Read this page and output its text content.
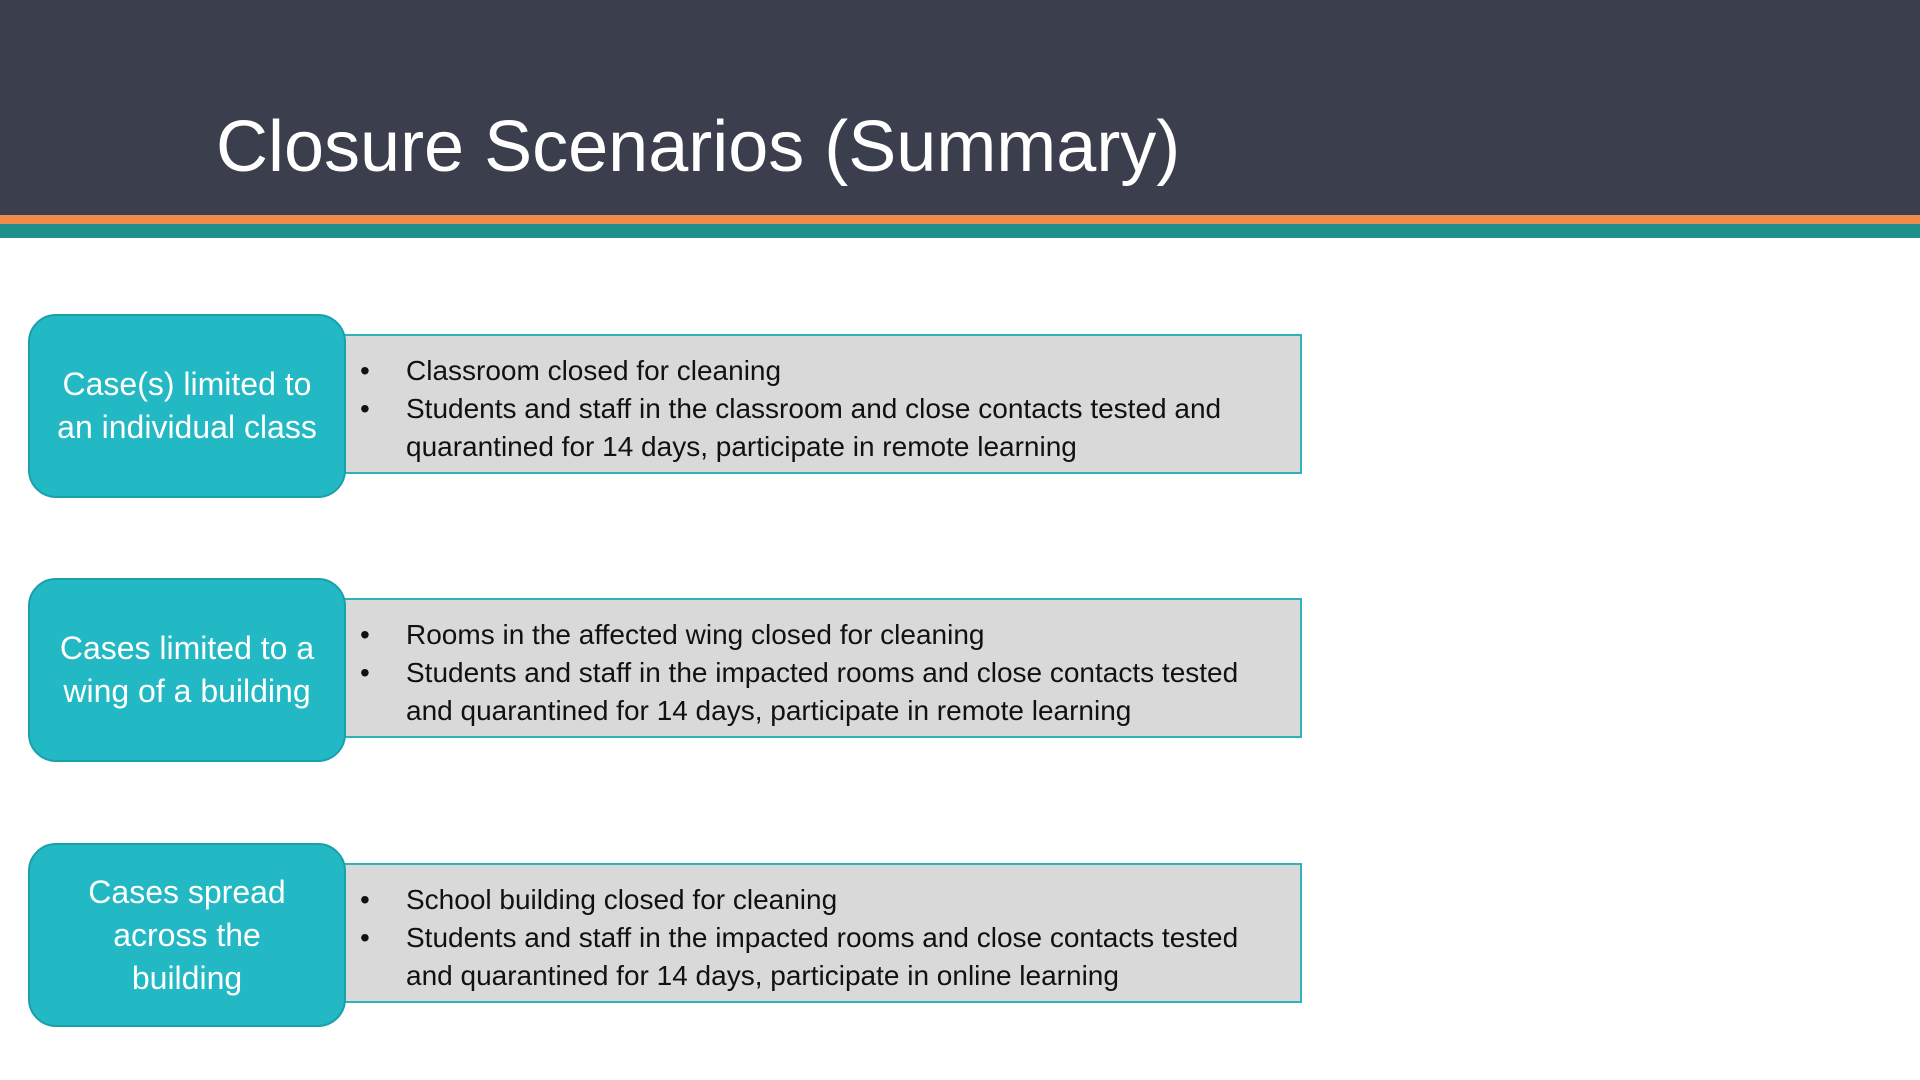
Closure Scenarios (Summary)
• Classroom closed for cleaning
• Students and staff in the classroom and close contacts tested and quarantined for 14 days, participate in remote learning
Case(s) limited to
an individual class
• Rooms in the affected wing closed for cleaning
• Students and staff in the impacted rooms and close contacts tested and quarantined for 14 days, participate in remote learning
Cases limited to a
wing of a building
• School building closed for cleaning
• Students and staff in the impacted rooms and close contacts tested and quarantined for 14 days, participate in online learning
Cases spread
across the
building
